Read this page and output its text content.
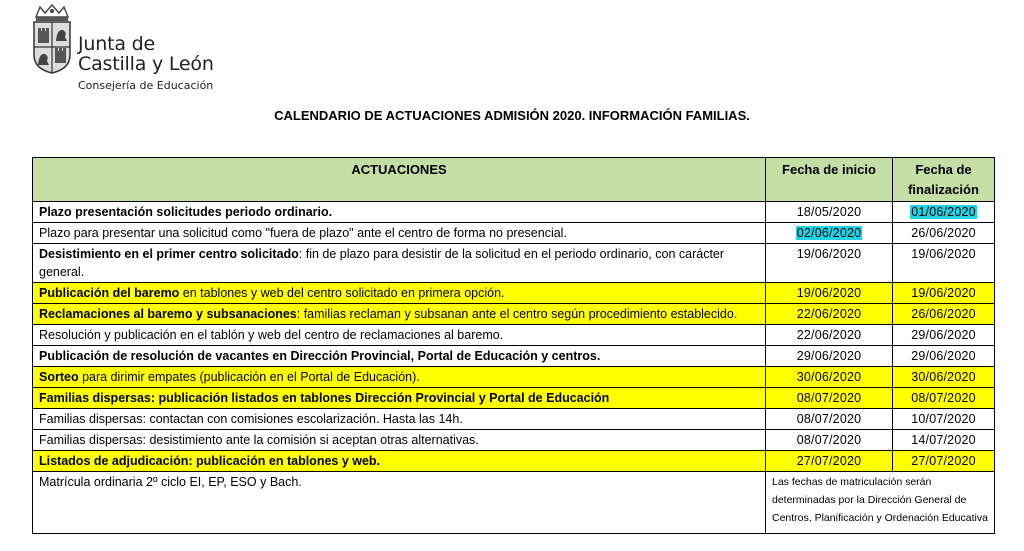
Junta de
Castilla y León
Consejería de Educación
CALENDARIO DE ACTUACIONES ADMISIÓN 2020. INFORMACIÓN FAMILIAS.
ACTUACIONES	Fecha de inicio	Fecha de finalización
Plazo presentación solicitudes periodo ordinario.	18/05/2020	01/06/2020
Plazo para presentar una solicitud como "fuera de plazo" ante el centro de forma no presencial.	02/06/2020	26/06/2020
Desistimiento en el primer centro solicitado: fin de plazo para desistir de la solicitud en el periodo ordinario, con carácter general.	19/06/2020	19/06/2020
Publicación del baremo en tablones y web del centro solicitado en primera opción.	19/06/2020	19/06/2020
Reclamaciones al baremo y subsanaciones: familias reclaman y subsanan ante el centro según procedimiento establecido.	22/06/2020	26/06/2020
Resolución y publicación en el tablón y web del centro de reclamaciones al baremo.	22/06/2020	29/06/2020
Publicación de resolución de vacantes en Dirección Provincial, Portal de Educación y centros.	29/06/2020	29/06/2020
Sorteo para dirimir empates (publicación en el Portal de Educación).	30/06/2020	30/06/2020
Familias dispersas: publicación listados en tablones Dirección Provincial y Portal de Educación	08/07/2020	08/07/2020
Familias dispersas: contactan con comisiones escolarización. Hasta las 14h.	08/07/2020	10/07/2020
Familias dispersas: desistimiento ante la comisión si aceptan otras alternativas.	08/07/2020	14/07/2020
Listados de adjudicación: publicación en tablones y web.	27/07/2020	27/07/2020
Matrícula ordinaria 2º ciclo EI, EP, ESO y Bach.	Las fechas de matriculación serán determinadas por la Dirección General de Centros, Planificación y Ordenación Educativa	
